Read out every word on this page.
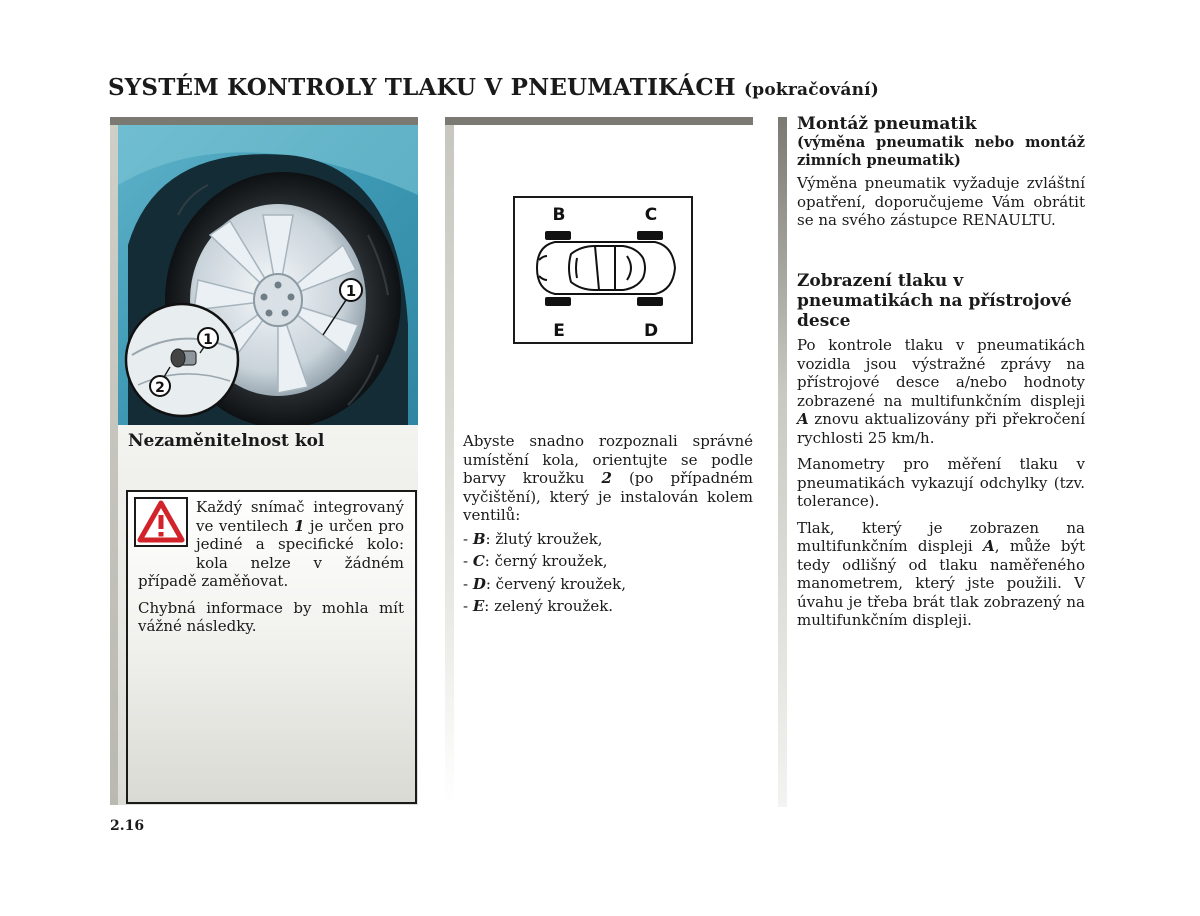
SYSTÉM KONTROLY TLAKU V PNEUMATIKÁCH (pokračování)
1
1
2
Nezaměnitelnost kol

Každý snímač integrovaný ve ventilech 1 je určen pro jediné a specifické kolo: kola nelze v žádném případě zaměňovat.

Chybná informace by mohla mít vážné následky.

B	C
E	D

Abyste snadno rozpoznali správné umístění kola, orientujte se podle barvy kroužku 2 (po případném vyčištění), který je instalován kolem ventilů:

- B: žlutý kroužek,
- C: černý kroužek,
- D: červený kroužek,
- E: zelený kroužek.
Montáž pneumatik
(výměna pneumatik nebo montáž zimních pneumatik)

Výměna pneumatik vyžaduje zvláštní opatření, doporučujeme Vám obrátit se na svého zástupce RENAULTU.

Zobrazení tlaku v pneumatikách na přístrojové desce

Po kontrole tlaku v pneumatikách vozidla jsou výstražné zprávy na přístrojové desce a/nebo hodnoty zobrazené na multifunkčním displeji A znovu aktualizovány při překročení rychlosti 25 km/h.

Manometry pro měření tlaku v pneumatikách vykazují odchylky (tzv. tolerance).

Tlak, který je zobrazen na multifunkčním displeji A, může být tedy odlišný od tlaku naměřeného manometrem, který jste použili. V úvahu je třeba brát tlak zobrazený na multifunkčním displeji.

2.16
